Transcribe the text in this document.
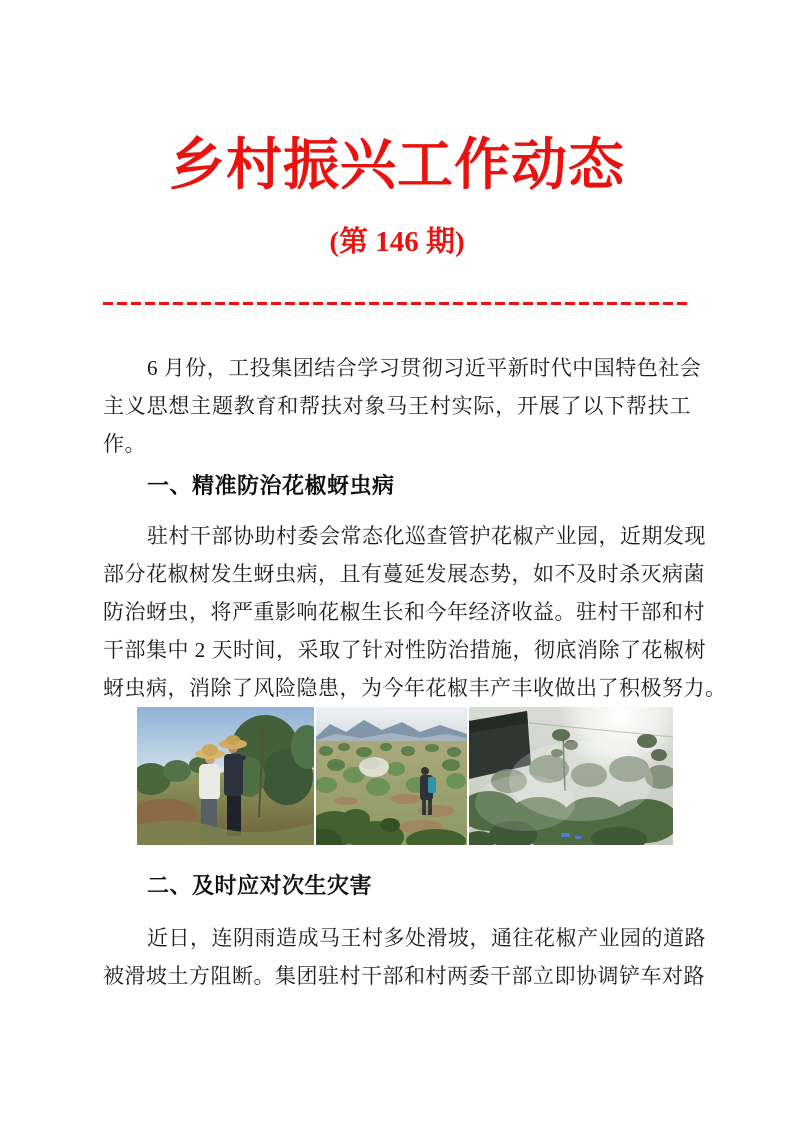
乡村振兴工作动态
(第 146 期)
6 月份，工投集团结合学习贯彻习近平新时代中国特色社会
主义思想主题教育和帮扶对象马王村实际，开展了以下帮扶工
作。
一、精准防治花椒蚜虫病
驻村干部协助村委会常态化巡查管护花椒产业园，近期发现
部分花椒树发生蚜虫病，且有蔓延发展态势，如不及时杀灭病菌
防治蚜虫，将严重影响花椒生长和今年经济收益。驻村干部和村
干部集中 2 天时间，采取了针对性防治措施，彻底消除了花椒树
蚜虫病，消除了风险隐患，为今年花椒丰产丰收做出了积极努力。
二、及时应对次生灾害
近日，连阴雨造成马王村多处滑坡，通往花椒产业园的道路
被滑坡土方阻断。集团驻村干部和村两委干部立即协调铲车对路
